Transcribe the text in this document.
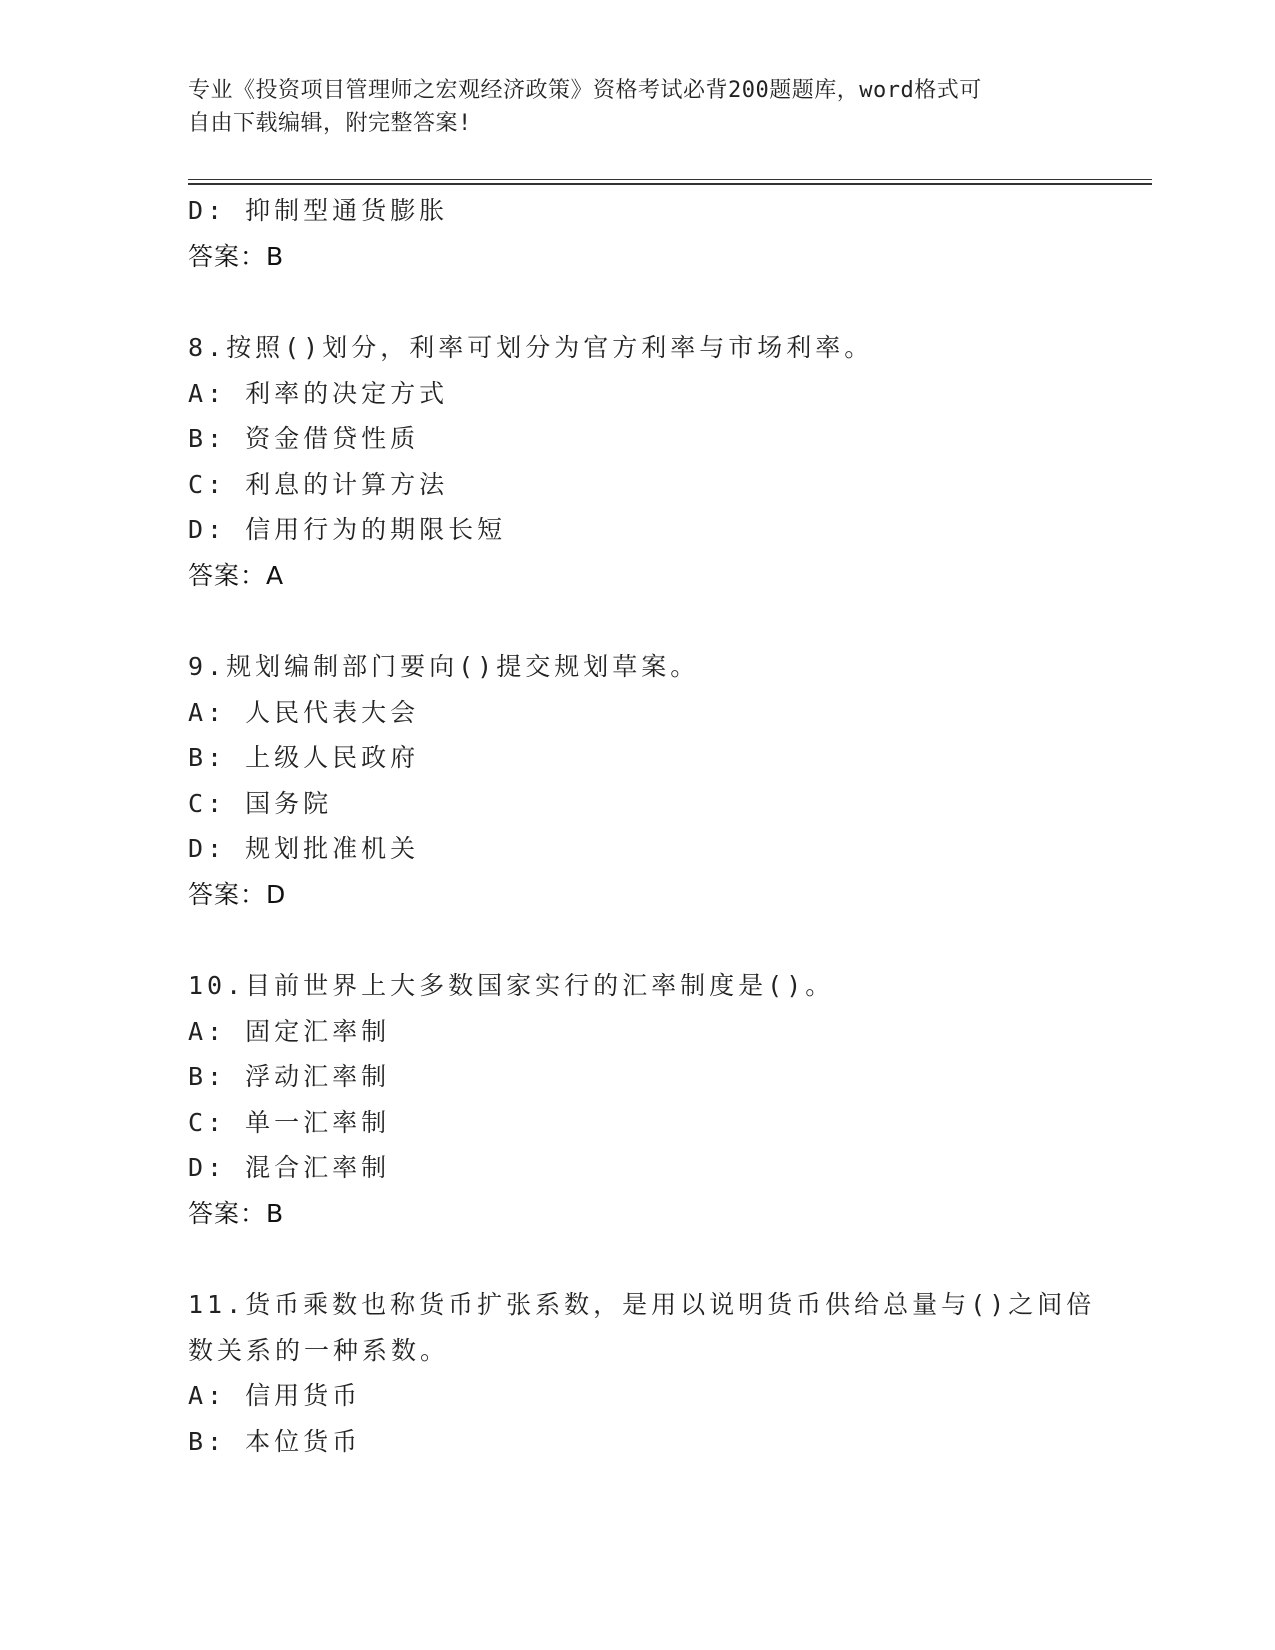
专业《投资项目管理师之宏观经济政策》资格考试必背200题题库，word格式可
自由下载编辑，附完整答案!
D: 抑制型通货膨胀
答案：B
8.按照()划分，利率可划分为官方利率与市场利率。
A: 利率的决定方式
B: 资金借贷性质
C: 利息的计算方法
D: 信用行为的期限长短
答案：A
9.规划编制部门要向()提交规划草案。
A: 人民代表大会
B: 上级人民政府
C: 国务院
D: 规划批准机关
答案：D
10.目前世界上大多数国家实行的汇率制度是()。
A: 固定汇率制
B: 浮动汇率制
C: 单一汇率制
D: 混合汇率制
答案：B
11.货币乘数也称货币扩张系数，是用以说明货币供给总量与()之间倍
数关系的一种系数。
A: 信用货币
B: 本位货币
